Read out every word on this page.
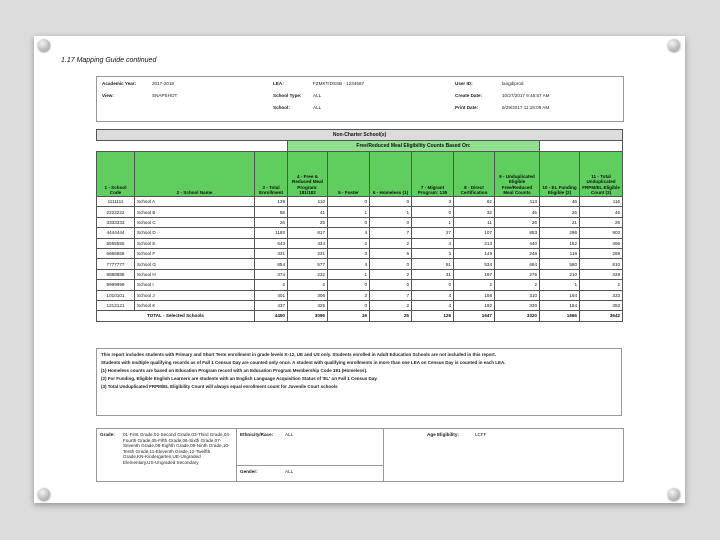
1.17 Mapping Guide continued
Academic Year:	2017-2018
View:	SNAPSHOT
LEA:	FZMKTIDSSB - 1234567
School Type:	ALL
School:	ALL
User ID:	langdiprod
Create Date:	10/27/2017 9:48:57 AM
Print Date:	9/29/2017 11:15:09 AM
Non-Charter School(s)										
			Free/Reduced Meal Eligibility Counts Based On:							
1 - School Code	2 - School Name	3 - Total Enrollment	4 - Free & Reduced Meal Program: 181/182	5 - Foster	6 - Homeless (1)	7 - Migrant Program: 135	8 - Direct Certification	9 - Unduplicated Eligible Free/Reduced Meal Counts	10 - EL Funding Eligible (2)	11 - Total Unduplicated FRPM/EL Eligible Count (3)
1111111	School A	139	110	0	0	3	62	113	46	116
2222222	School B	58	41	1	1	0	32	45	26	46
3333333	School C	26	25	0	0	1	11	26	21	26
4444444	School D	1193	817	4	7	27	107	853	296	903
5555555	School E	643	434	2	2	4	213	440	152	466
6666666	School F	331	231	3	6	3	149	248	118	268
7777777	School G	854	577	4	0	51	534	684	580	810
8888888	School H	374	232	1	2	31	197	275	210	328
9999999	School I	2	2	0	0	0	2	2	1	2
1010101	School J	401	306	3	7	4	158	310	164	333
1212121	School K	437	325	0	2	4	192	330	184	353
TOTAL - Selected Schools		4450	3096	16	25	126	1647	3320	1666	3642

This report includes students with Primary and Short Term enrollment in grade levels K-12, UE and US only. Students enrolled in Adult Education Schools are not included in this report.

Students with multiple qualifying records as of Fall 1 Census Day are counted only once. A student with qualifying enrollments in more than one LEA on Census Day is counted in each LEA.

(1) Homeless counts are based on Education Program record with an Education Program Membership Code 191 (Homeless).

(2) For Funding, Eligible English Learners are students with an English Language Acquisition Status of 'EL' on Fall 1 Census Day.

(3) Total Unduplicated FRPM/EL Eligibility Count will always equal enrollment count for Juvenile Court schools

Grade: 01-First Grade,02-Second Grade,03-Third Grade,04-Fourth Grade,05-Fifth Grade,06-Sixth Grade,07-Seventh Grade,08-Eighth Grade,09-Ninth Grade,10-Tenth Grade,11-Eleventh Grade,12-Twelfth Grade,KN-Kindergarten,UE-Ungraded Elementary,US-Ungraded Secondary
Ethnicity/Race:	ALL
Gender:	ALL
Age Eligibility:	LCFF
